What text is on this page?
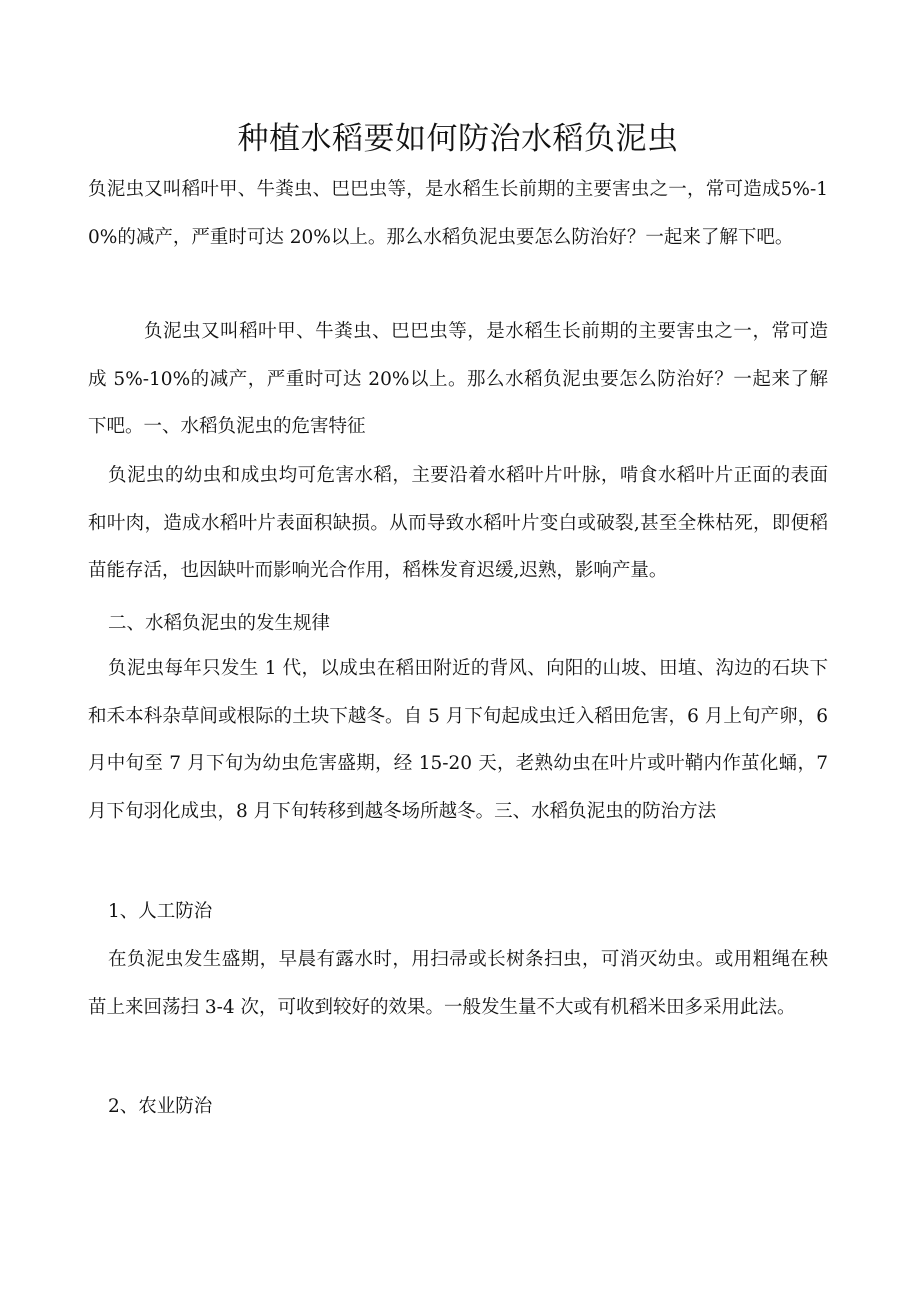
种植水稻要如何防治水稻负泥虫

负泥虫又叫稻叶甲、牛粪虫、巴巴虫等，是水稻生长前期的主要害虫之一，常可造成5%-10%的减产，严重时可达 20%以上。那么水稻负泥虫要怎么防治好？一起来了解下吧。

负泥虫又叫稻叶甲、牛粪虫、巴巴虫等，是水稻生长前期的主要害虫之一，常可造成 5%-10%的减产，严重时可达 20%以上。那么水稻负泥虫要怎么防治好？一起来了解下吧。一、水稻负泥虫的危害特征

负泥虫的幼虫和成虫均可危害水稻，主要沿着水稻叶片叶脉，啃食水稻叶片正面的表面和叶肉，造成水稻叶片表面积缺损。从而导致水稻叶片变白或破裂,甚至全株枯死，即便稻苗能存活，也因缺叶而影响光合作用，稻株发育迟缓,迟熟，影响产量。

二、水稻负泥虫的发生规律

负泥虫每年只发生 1 代，以成虫在稻田附近的背风、向阳的山坡、田埴、沟边的石块下和禾本科杂草间或根际的土块下越冬。自 5 月下旬起成虫迁入稻田危害，6 月上旬产卵，6 月中旬至 7 月下旬为幼虫危害盛期，经 15-20 天，老熟幼虫在叶片或叶鞘内作茧化蛹，7 月下旬羽化成虫，8 月下旬转移到越冬场所越冬。三、水稻负泥虫的防治方法

1、人工防治

在负泥虫发生盛期，早晨有露水时，用扫帚或长树条扫虫，可消灭幼虫。或用粗绳在秧苗上来回荡扫 3-4 次，可收到较好的效果。一般发生量不大或有机稻米田多采用此法。

2、农业防治
